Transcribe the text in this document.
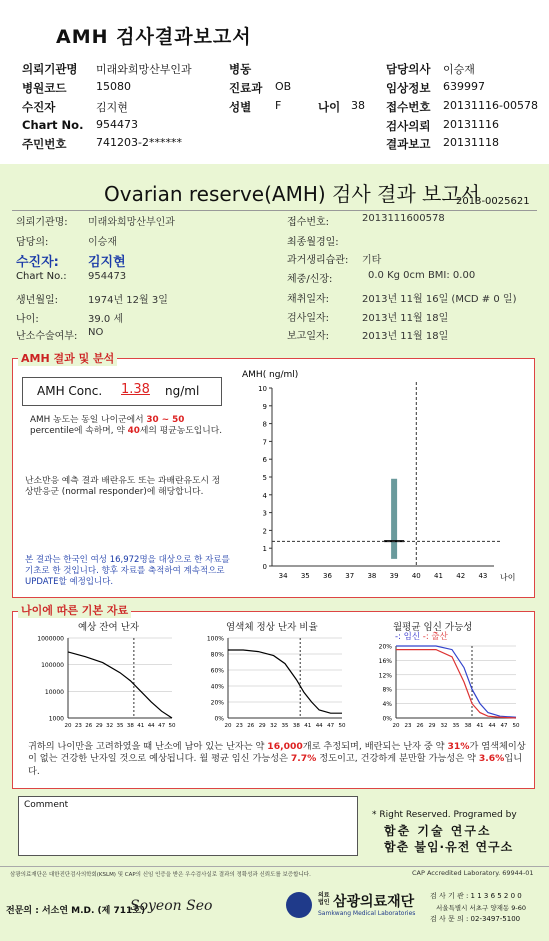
AMH 검사결과보고서
의뢰기관명 미래와희망산부인과
병원코드	15080
수진자	김지현
Chart No. 954473
주민번호	741203-2******
병동
진료과 OB
성별 F	나이 38
담당의사 이승재
임상정보 639997
접수번호 20131116-00578
검사의뢰 20131116
결과보고 20131118
Ovarian reserve(AMH) 검사 결과 보고서
2013-0025621
의뢰기관명: 미래와희망산부인과
담당의:	이승재
수진자: 김지현
Chart No.: 954473
생년월일:	1974년 12월 3일
나이:	39.0 세
난소수술여부: NO
접수번호:	2013111600578
최종월경일:
과거생리습관: 기타
체중/신장:	0.0 Kg 0cm BMI: 0.00
채취일자:	2013년 11월 16일 (MCD # 0 일)
검사일자:	2013년 11월 18일
보고일자:	2013년 11월 18일
AMH 결과 및 분석
AMH Conc. 1.38 ng/ml
AMH 농도는 동일 나이군에서 30 ~ 50 percentile에 속하며, 약 40세의 평균농도입니다.
난소반응 예측 결과 배란유도 또는 과배란유도시 정상반응군 (normal responder)에 해당합니다.
본 결과는 한국인 여성 16,972명을 대상으로 한 자료를 기초로 한 것입니다. 향후 자료를 축적하여 계속적으로 UPDATE할 예정입니다.
AMH( ng/ml)
0
1
2
3
4
5
6
7
8
9
10
34 35 36 37 38 39 40 41 42 43 나이
나이에 따른 기본 자료
예상 잔여 난자	염색체 정상 난자 비율	월평균 임신 가능성
-: 임신 -: 출산
1000000
100000
10000
1000
20 23 26 29 32 35 38 41 44 47 50
100%
80%
60%
40%
20%
0%
20 23 26 29 32 35 38 41 44 47 50
20%
16%
12%
8%
4%
0%
20 23 26 29 32 35 38 41 44 47 50
귀하의 나이만을 고려하였을 때 난소에 남아 있는 난자는 약 16,000개로 추정되며, 배란되는 난자 중 약 31%가 염색체이상이 없는 건강한 난자일 것으로 예상됩니다. 월 평균 임신 가능성은 7.7% 정도이고, 건강하게 분만할 가능성은 약 3.6%입니다.
Comment
* Right Reserved. Programed by
함춘 기술 연구소
함춘 불임·유전 연구소
삼광의료재단은 대한진단검사의학회(KSLM) 및 CAP의 신임 인증을 받은 우수검사실로 결과의 정확성과 신뢰도를 보증합니다.	CAP Accredited Laboratory. 69944-01
전문의 : 서소연 M.D. (제 711호)
Soyeon Seo	SML
의료
법인 삼광의료재단
Samkwang Medical Laboratories
검 사 기 관 : 1 1 3 6 5 2 0 0
서울특별시 서초구 양재동 9-60
검 사 문 의 : 02-3497-5100
